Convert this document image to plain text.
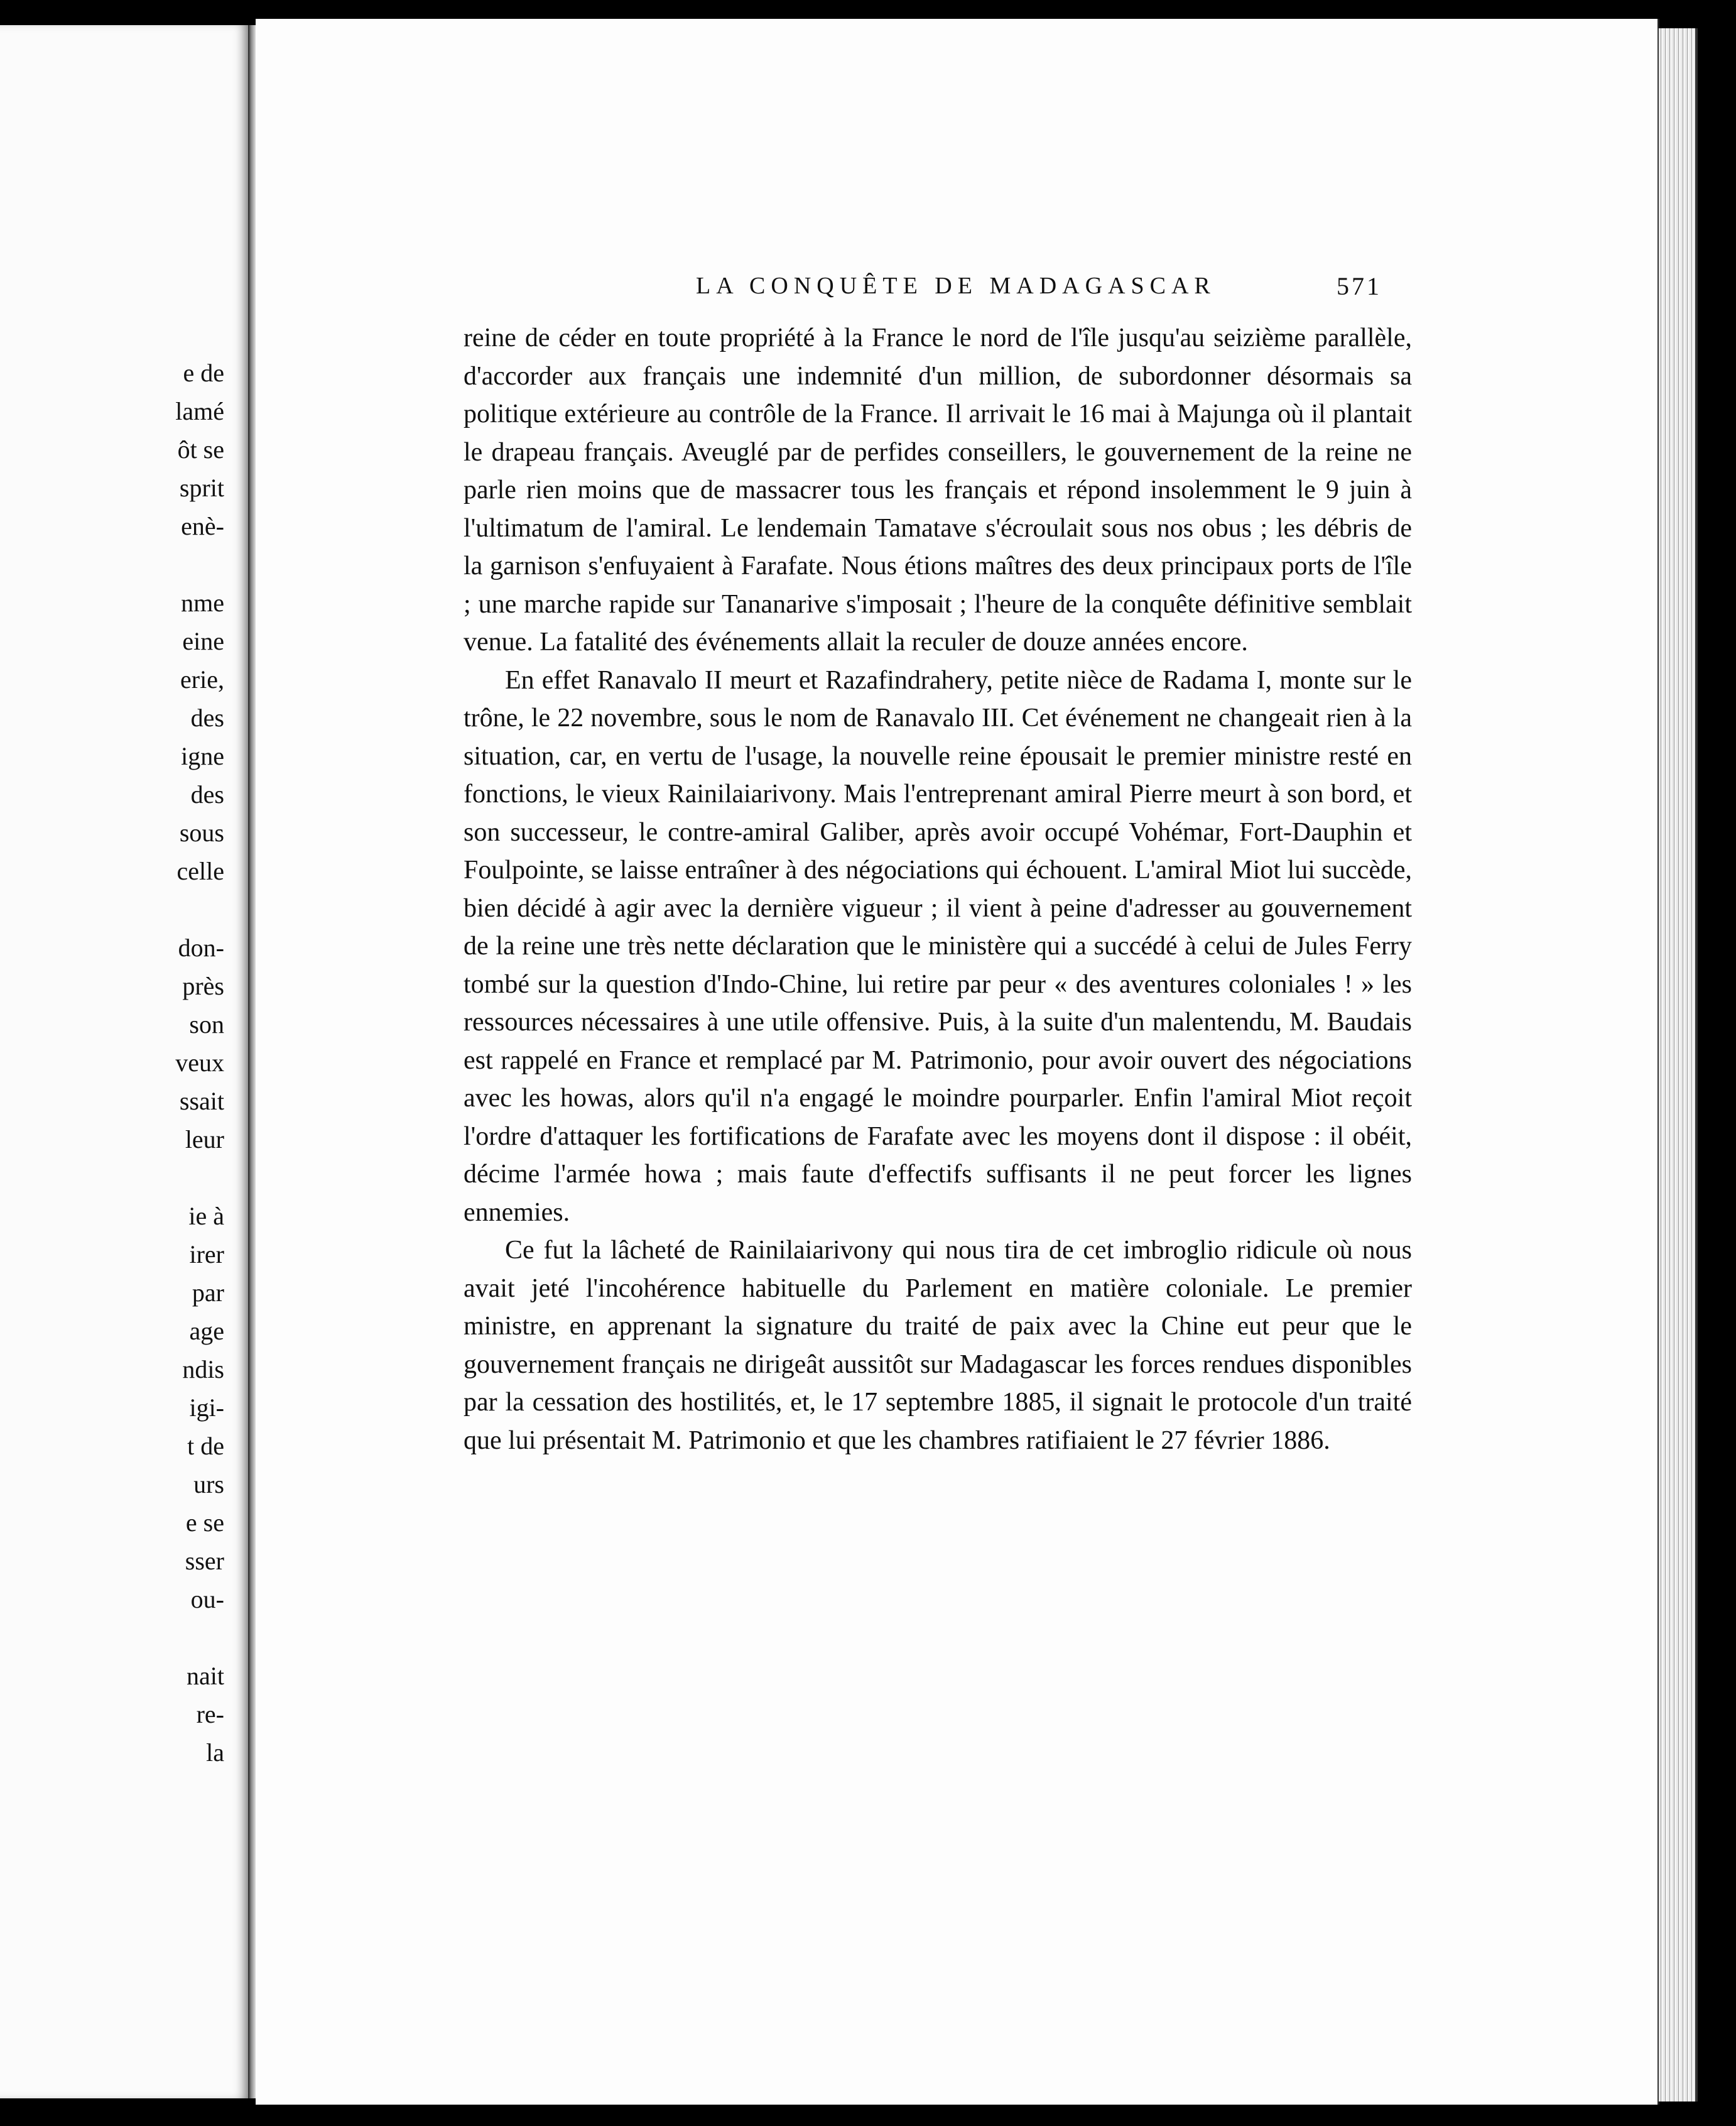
e de
lamé
ôt se
sprit
enè-
nme
eine
erie,
des
igne
des
sous
celle
don-
près
son
veux
ssait
leur
ie à
irer
par
age
ndis
igi-
t de
urs
e se
sser
ou-
nait
re-
la
LA CONQUÊTE DE MADAGASCAR	571

reine de céder en toute propriété à la France le nord de l'île jusqu'au seizième parallèle, d'accorder aux français une indemnité d'un million, de subordonner désormais sa politique extérieure au contrôle de la France. Il arrivait le 16 mai à Majunga où il plantait le drapeau français. Aveuglé par de perfides conseillers, le gouvernement de la reine ne parle rien moins que de massacrer tous les français et répond insolemment le 9 juin à l'ultimatum de l'amiral. Le lendemain Tamatave s'écroulait sous nos obus ; les débris de la garnison s'enfuyaient à Farafate. Nous étions maîtres des deux principaux ports de l'île ; une marche rapide sur Tananarive s'imposait ; l'heure de la conquête définitive semblait venue. La fatalité des événements allait la reculer de douze années encore.

En effet Ranavalo II meurt et Razafindrahery, petite nièce de Radama I, monte sur le trône, le 22 novembre, sous le nom de Ranavalo III. Cet événement ne changeait rien à la situation, car, en vertu de l'usage, la nouvelle reine épousait le premier ministre resté en fonctions, le vieux Rainilaiarivony. Mais l'entreprenant amiral Pierre meurt à son bord, et son successeur, le contre-amiral Galiber, après avoir occupé Vohémar, Fort-Dauphin et Foulpointe, se laisse entraîner à des négociations qui échouent. L'amiral Miot lui succède, bien décidé à agir avec la dernière vigueur ; il vient à peine d'adresser au gouvernement de la reine une très nette déclaration que le ministère qui a succédé à celui de Jules Ferry tombé sur la question d'Indo-Chine, lui retire par peur « des aventures coloniales ! » les ressources nécessaires à une utile offensive. Puis, à la suite d'un malentendu, M. Baudais est rappelé en France et remplacé par M. Patrimonio, pour avoir ouvert des négociations avec les howas, alors qu'il n'a engagé le moindre pourparler. Enfin l'amiral Miot reçoit l'ordre d'attaquer les fortifications de Farafate avec les moyens dont il dispose : il obéit, décime l'armée howa ; mais faute d'effectifs suffisants il ne peut forcer les lignes ennemies.

Ce fut la lâcheté de Rainilaiarivony qui nous tira de cet imbroglio ridicule où nous avait jeté l'incohérence habituelle du Parlement en matière coloniale. Le premier ministre, en apprenant la signature du traité de paix avec la Chine eut peur que le gouvernement français ne dirigeât aussitôt sur Madagascar les forces rendues disponibles par la cessation des hostilités, et, le 17 septembre 1885, il signait le protocole d'un traité que lui présentait M. Patrimonio et que les chambres ratifiaient le 27 février 1886.
